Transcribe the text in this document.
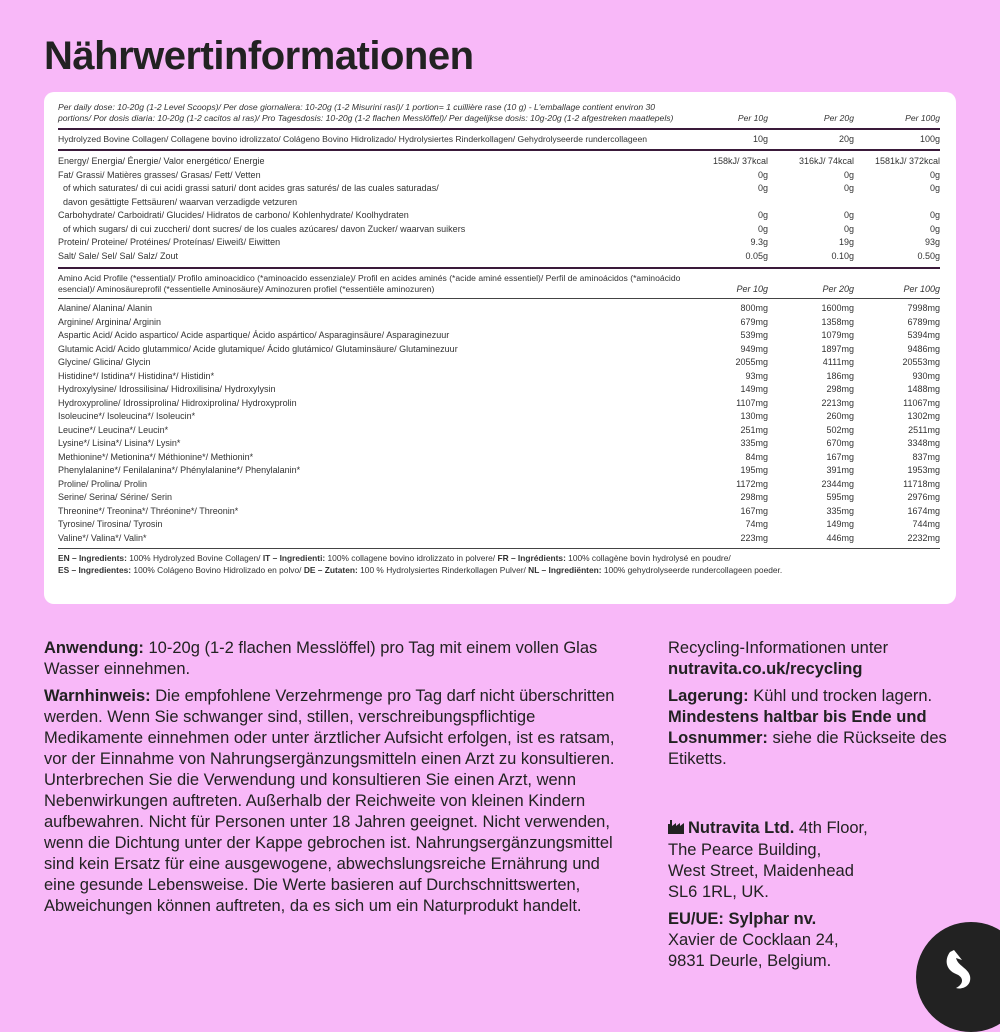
Nährwertinformationen
Per daily dose: 10-20g (1-2 Level Scoops)/ Per dose giornaliera: 10-20g (1-2 Misurini rasi)/ 1 portion= 1 cuillière rase (10 g) - L'emballage contient environ 30 portions/ Por dosis diaria: 10-20g (1-2 cacitos al ras)/ Pro Tagesdosis: 10-20g (1-2 flachen Messlöffel)/ Per dagelijkse dosis: 10g-20g (1-2 afgestreken maatlepels)	Per 10g	Per 20g	Per 100g
Hydrolyzed Bovine Collagen/ Collagene bovino idrolizzato/ Colágeno Bovino Hidrolizado/ Hydrolysiertes Rinderkollagen/ Gehydrolyseerde rundercollageen	10g	20g	100g
Energy/ Energia/ Énergie/ Valor energético/ Energie	158kJ/ 37kcal	316kJ/ 74kcal	1581kJ/ 372kcal
Fat/ Grassi/ Matières grasses/ Grasas/ Fett/ Vetten	0g	0g	0g
of which saturates/ di cui acidi grassi saturi/ dont acides gras saturés/ de las cuales saturadas/	0g	0g	0g
davon gesättigte Fettsäuren/ waarvan verzadigde vetzuren
Carbohydrate/ Carboidrati/ Glucides/ Hidratos de carbono/ Kohlenhydrate/ Koolhydraten	0g	0g	0g
of which sugars/ di cui zuccheri/ dont sucres/ de los cuales azúcares/ davon Zucker/ waarvan suikers	0g	0g	0g
Protein/ Proteine/ Protéines/ Proteínas/ Eiweiß/ Eiwitten	9.3g	19g	93g
Salt/ Sale/ Sel/ Sal/ Salz/ Zout	0.05g	0.10g	0.50g
Amino Acid Profile (*essential)/ Profilo aminoacidico (*aminoacido essenziale)/ Profil en acides aminés (*acide aminé essentiel)/ Perfil de aminoácidos (*aminoácido esencial)/ Aminosäureprofil (*essentielle Aminosäure)/ Aminozuren profiel (*essentiële aminozuren)	Per 10g	Per 20g	Per 100g
Alanine/ Alanina/ Alanin	800mg	1600mg	7998mg
Arginine/ Arginina/ Arginin	679mg	1358mg	6789mg
Aspartic Acid/ Acido aspartico/ Acide aspartique/ Ácido aspártico/ Asparaginsäure/ Asparaginezuur	539mg	1079mg	5394mg
Glutamic Acid/ Acido glutammico/ Acide glutamique/ Ácido glutámico/ Glutaminsäure/ Glutaminezuur	949mg	1897mg	9486mg
Glycine/ Glicina/ Glycin	2055mg	4111mg	20553mg
Histidine*/ Istidina*/ Histidina*/ Histidin*	93mg	186mg	930mg
Hydroxylysine/ Idrossilisina/ Hidroxilisina/ Hydroxylysin	149mg	298mg	1488mg
Hydroxyproline/ Idrossiprolina/ Hidroxiprolina/ Hydroxyprolin	1107mg	2213mg	11067mg
Isoleucine*/ Isoleucina*/ Isoleucin*	130mg	260mg	1302mg
Leucine*/ Leucina*/ Leucin*	251mg	502mg	2511mg
Lysine*/ Lisina*/ Lisina*/ Lysin*	335mg	670mg	3348mg
Methionine*/ Metionina*/ Méthionine*/ Methionin*	84mg	167mg	837mg
Phenylalanine*/ Fenilalanina*/ Phénylalanine*/ Phenylalanin*	195mg	391mg	1953mg
Proline/ Prolina/ Prolin	1172mg	2344mg	11718mg
Serine/ Serina/ Sérine/ Serin	298mg	595mg	2976mg
Threonine*/ Treonina*/ Thréonine*/ Threonin*	167mg	335mg	1674mg
Tyrosine/ Tirosina/ Tyrosin	74mg	149mg	744mg
Valine*/ Valina*/ Valin*	223mg	446mg	2232mg
EN – Ingredients: 100% Hydrolyzed Bovine Collagen/ IT – Ingredienti: 100% collagene bovino idrolizzato in polvere/ FR – Ingrédients: 100% collagène bovin hydrolysé en poudre/
ES – Ingredientes: 100% Colágeno Bovino Hidrolizado en polvo/ DE – Zutaten: 100 % Hydrolysiertes Rinderkollagen Pulver/ NL – Ingrediënten: 100% gehydrolyseerde rundercollageen poeder.

Anwendung: 10-20g (1-2 flachen Messlöffel) pro Tag mit einem vollen Glas Wasser einnehmen.

Warnhinweis: Die empfohlene Verzehrmenge pro Tag darf nicht überschritten werden. Wenn Sie schwanger sind, stillen, verschreibungspflichtige Medikamente einnehmen oder unter ärztlicher Aufsicht erfolgen, ist es ratsam, vor der Einnahme von Nahrungsergänzungsmitteln einen Arzt zu konsultieren. Unterbrechen Sie die Verwendung und konsultieren Sie einen Arzt, wenn Nebenwirkungen auftreten. Außerhalb der Reichweite von kleinen Kindern aufbewahren. Nicht für Personen unter 18 Jahren geeignet. Nicht verwenden, wenn die Dichtung unter der Kappe gebrochen ist. Nahrungsergänzungsmittel sind kein Ersatz für eine ausgewogene, abwechslungsreiche Ernährung und eine gesunde Lebensweise. Die Werte basieren auf Durchschnittswerten, Abweichungen können auftreten, da es sich um ein Naturprodukt handelt.

Recycling-Informationen unter

nutravita.co.uk/recycling

Lagerung: Kühl und trocken lagern. Mindestens haltbar bis Ende und Losnummer: siehe die Rückseite des Etiketts.

Nutravita Ltd. 4th Floor,

The Pearce Building,

West Street, Maidenhead

SL6 1RL, UK.

EU/UE: Sylphar nv.

Xavier de Cocklaan 24,

9831 Deurle, Belgium.
